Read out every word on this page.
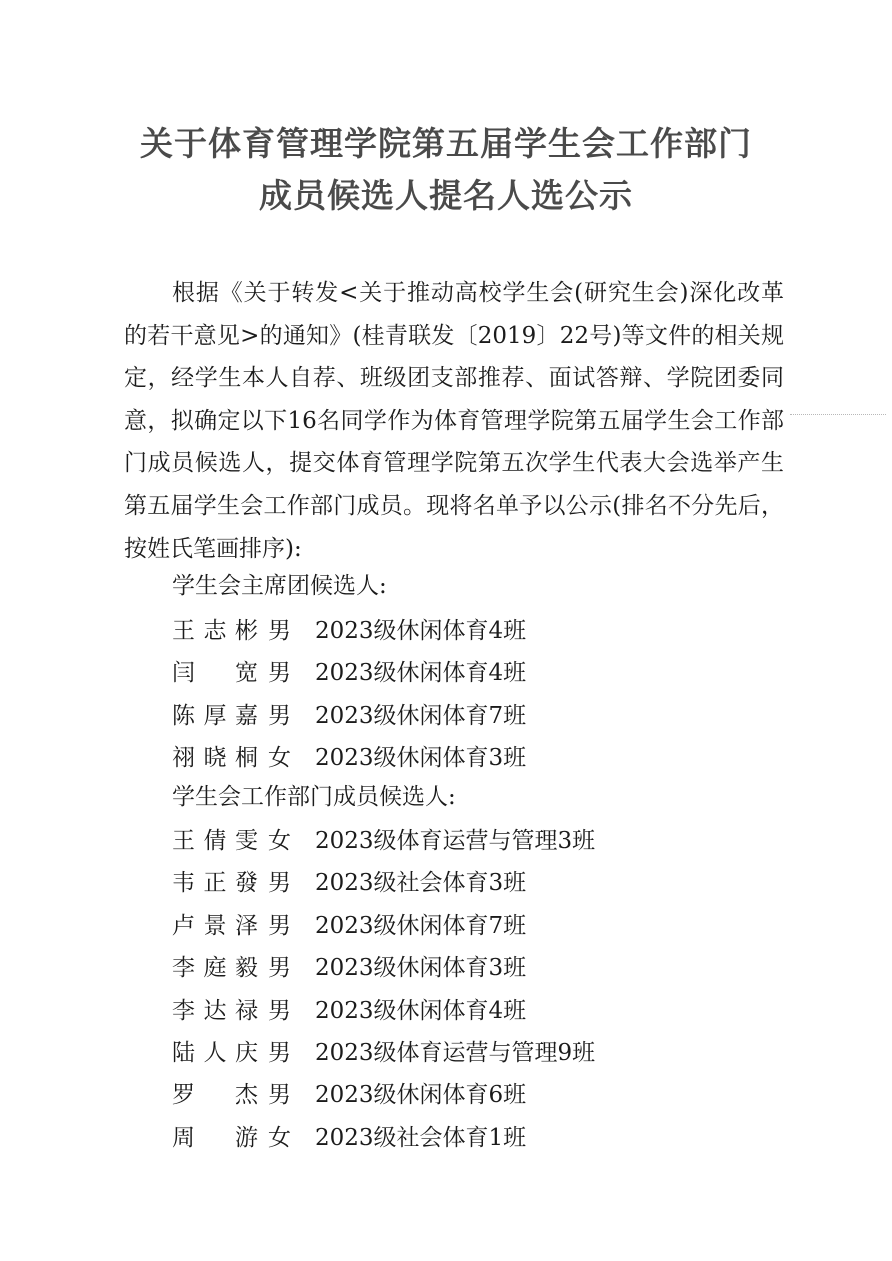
关于体育管理学院第五届学生会工作部门
成员候选人提名人选公示

根据《关于转发<关于推动高校学生会(研究生会)深化改革的若干意见>的通知》(桂青联发〔2019〕22号)等文件的相关规定，经学生本人自荐、班级团支部推荐、面试答辩、学院团委同意，拟确定以下16名同学作为体育管理学院第五届学生会工作部门成员候选人，提交体育管理学院第五次学生代表大会选举产生第五届学生会工作部门成员。现将名单予以公示(排名不分先后，按姓氏笔画排序):

学生会主席团候选人:
王志彬 男 2023级休闲体育4班
闫宽 男 2023级休闲体育4班
陈厚嘉 男 2023级休闲体育7班
祤晓桐 女 2023级休闲体育3班
学生会工作部门成员候选人:
王倩雯 女 2023级体育运营与管理3班
韦正發 男 2023级社会体育3班
卢景泽 男 2023级休闲体育7班
李庭毅 男 2023级休闲体育3班
李达禄 男 2023级休闲体育4班
陆人庆 男 2023级体育运营与管理9班
罗杰 男 2023级休闲体育6班
周游 女 2023级社会体育1班
